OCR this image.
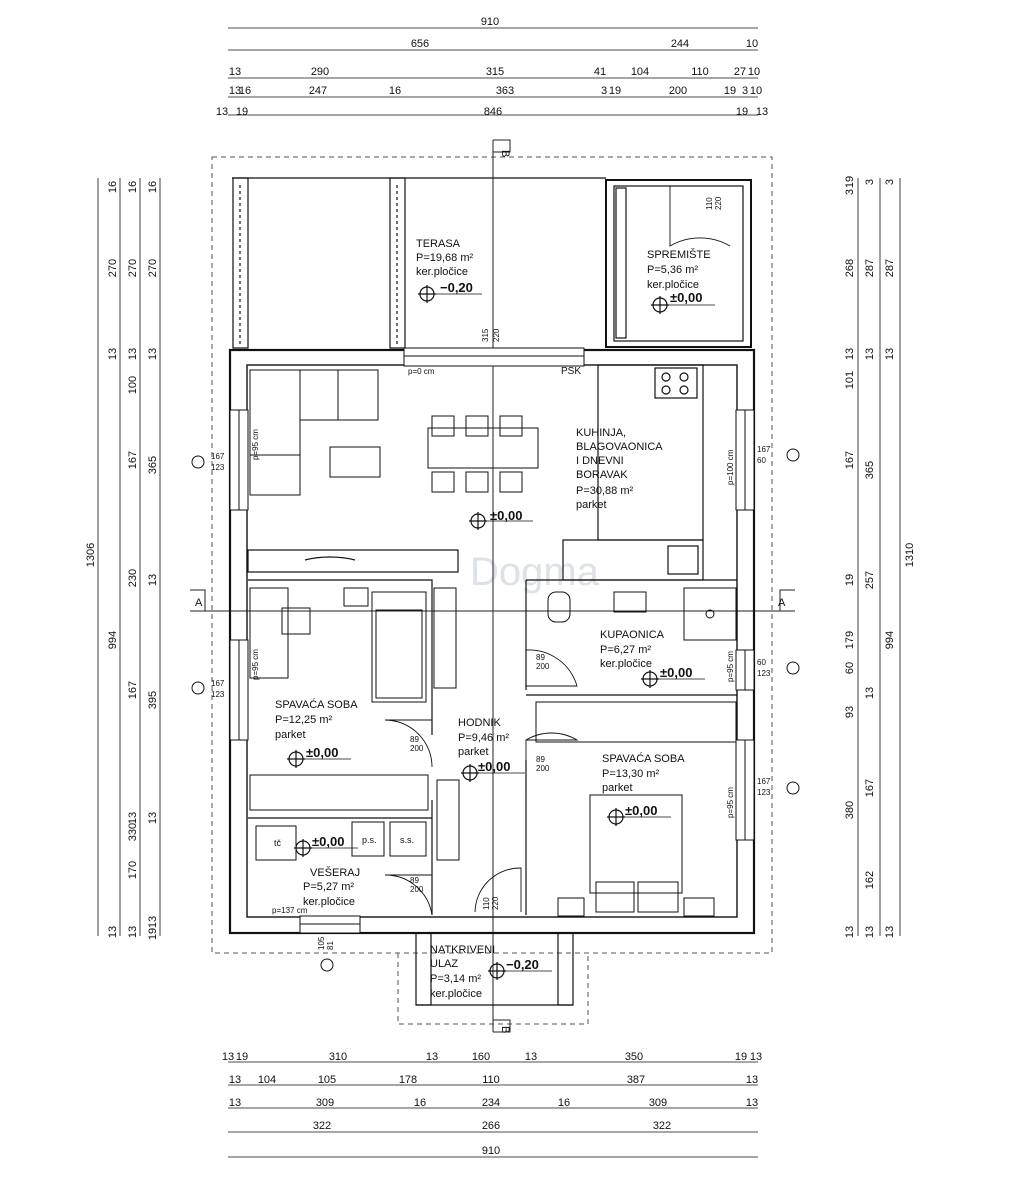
Dogma
B
B
A	A
910
656	244	10
13	290	315	41 104	110 27 10
13
16	247	16	363	3 19	200	19 3 10
13 19	846	19 13
13 19	310	13	160	13	350	19 13
13 104	105	178	110	387	13
13	309	16	234	16	309	13
322	266	322
910
1306
16
270
13
994
13
16
270
13
100
167
230
167
330
13
170
13
16
270
13
365
13
395
13
13
19
1310
3
287
13
994
13
3
287
13
365
257
13
167
162
13
19
3
268
13
101
167
19
179
60
93
380
13
TERASA
P=19,68 m²
ker.pločice
−0,20
SPREMIŠTE
P=5,36 m²
ker.pločice
±0,00
KUHINJA,
BLAGOVAONICA
I DNEVNI
BORAVAK
P=30,88 m²
parket
±0,00
KUPAONICA
P=6,27 m²
ker.pločice
±0,00
SPAVAĆA SOBA
P=12,25 m²
parket
±0,00
HODNIK
P=9,46 m²
parket
±0,00	SPAVAĆA SOBA
P=13,30 m²
parket
±0,00
VEŠERAJ
P=5,27 m²
ker.pločice
±0,00
NATKRIVENI
ULAZ
P=3,14 m²
ker.pločice
−0,20
PSK
p=0 cm
p=95 cm
p=95 cm
p=100 cm
p=95 cm
p=95 cm
p=137 cm
tč	p.s.	s.s.
167
123
167
123
167
60
60
123
167
123
89
200
89
200
89
200
89
200
110 220
110 220
315 220
105 81
